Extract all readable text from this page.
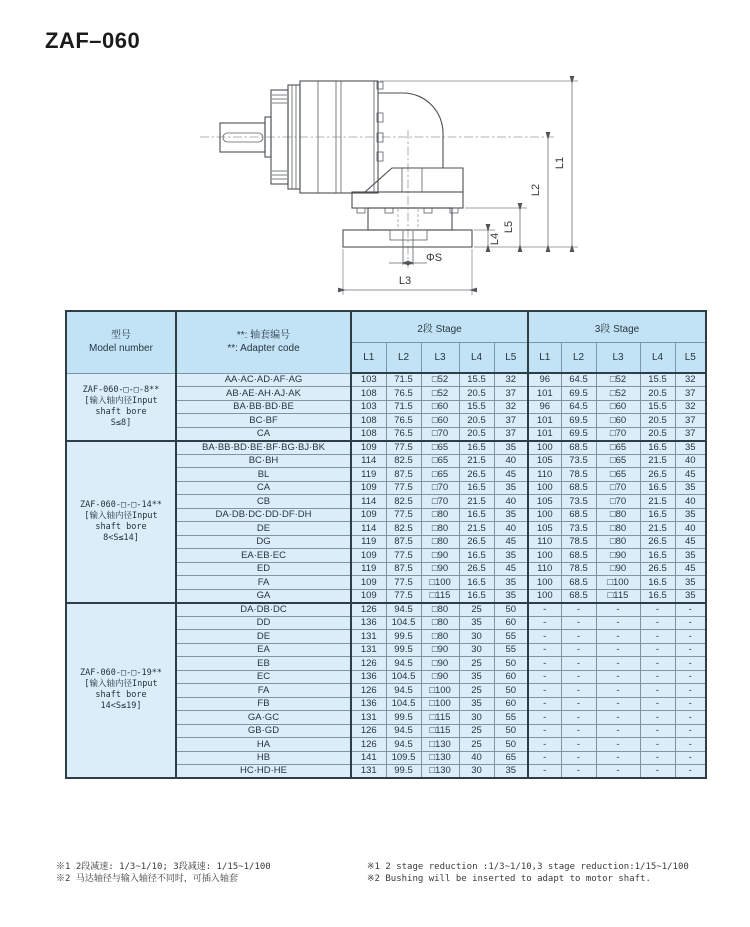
ZAF–060
L1
L2
L5
L4
L3
ΦS
型号
Model number

**: 轴套编号
**: Adapter code
	2段 Stage	3段 Stage
		L1	L2	L3	L4	L5	L1	L2	L3	L4	L5

ZAF-060-□-□-8**
[输入轴内径Input
shaft bore
S≤8]	AA·AC·AD·AF·AG	103	71.5	□52	15.5	32	96	64.5	□52	15.5	32
	AB·AE·AH·AJ·AK	108	76.5	□52	20.5	37	101	69.5	□52	20.5	37
	BA·BB·BD·BE	103	71.5	□60	15.5	32	96	64.5	□60	15.5	32
	BC·BF	108	76.5	□60	20.5	37	101	69.5	□60	20.5	37
	CA	108	76.5	□70	20.5	37	101	69.5	□70	20.5	37

ZAF-060-□-□-14**
[输入轴内径Input
shaft bore
8<S≤14]	BA·BB·BD·BE·BF·BG·BJ·BK	109	77.5	□65	16.5	35	100	68.5	□65	16.5	35
	BC·BH	114	82.5	□65	21.5	40	105	73.5	□65	21.5	40
	BL	119	87.5	□65	26.5	45	110	78.5	□65	26.5	45
	CA	109	77.5	□70	16.5	35	100	68.5	□70	16.5	35
	CB	114	82.5	□70	21.5	40	105	73.5	□70	21.5	40
	DA·DB·DC·DD·DF·DH	109	77.5	□80	16.5	35	100	68.5	□80	16.5	35
	DE	114	82.5	□80	21.5	40	105	73.5	□80	21.5	40
	DG	119	87.5	□80	26.5	45	110	78.5	□80	26.5	45
	EA·EB·EC	109	77.5	□90	16.5	35	100	68.5	□90	16.5	35
	ED	119	87.5	□90	26.5	45	110	78.5	□90	26.5	45
	FA	109	77.5	□100	16.5	35	100	68.5	□100	16.5	35
	GA	109	77.5	□115	16.5	35	100	68.5	□115	16.5	35

ZAF-060-□-□-19**
[输入轴内径Input
shaft bore
14<S≤19]	DA·DB·DC	126	94.5	□80	25	50	-	-	-	-	-
	DD	136	104.5	□80	35	60	-	-	-	-	-
	DE	131	99.5	□80	30	55	-	-	-	-	-
	EA	131	99.5	□90	30	55	-	-	-	-	-
	EB	126	94.5	□90	25	50	-	-	-	-	-
	EC	136	104.5	□90	35	60	-	-	-	-	-
	FA	126	94.5	□100	25	50	-	-	-	-	-
	FB	136	104.5	□100	35	60	-	-	-	-	-
	GA·GC	131	99.5	□115	30	55	-	-	-	-	-
	GB·GD	126	94.5	□115	25	50	-	-	-	-	-
	HA	126	94.5	□130	25	50	-	-	-	-	-
	HB	141	109.5	□130	40	65	-	-	-	-	-
	HC·HD·HE	131	99.5	□130	30	35	-	-	-	-	-
※1 2段减速: 1/3~1/10; 3段减速: 1/15~1/100
※2 马达轴径与输入轴径不同时，可插入轴套
※1 2 stage reduction :1/3~1/10,3 stage reduction:1/15~1/100
※2 Bushing will be inserted to adapt to motor shaft.
